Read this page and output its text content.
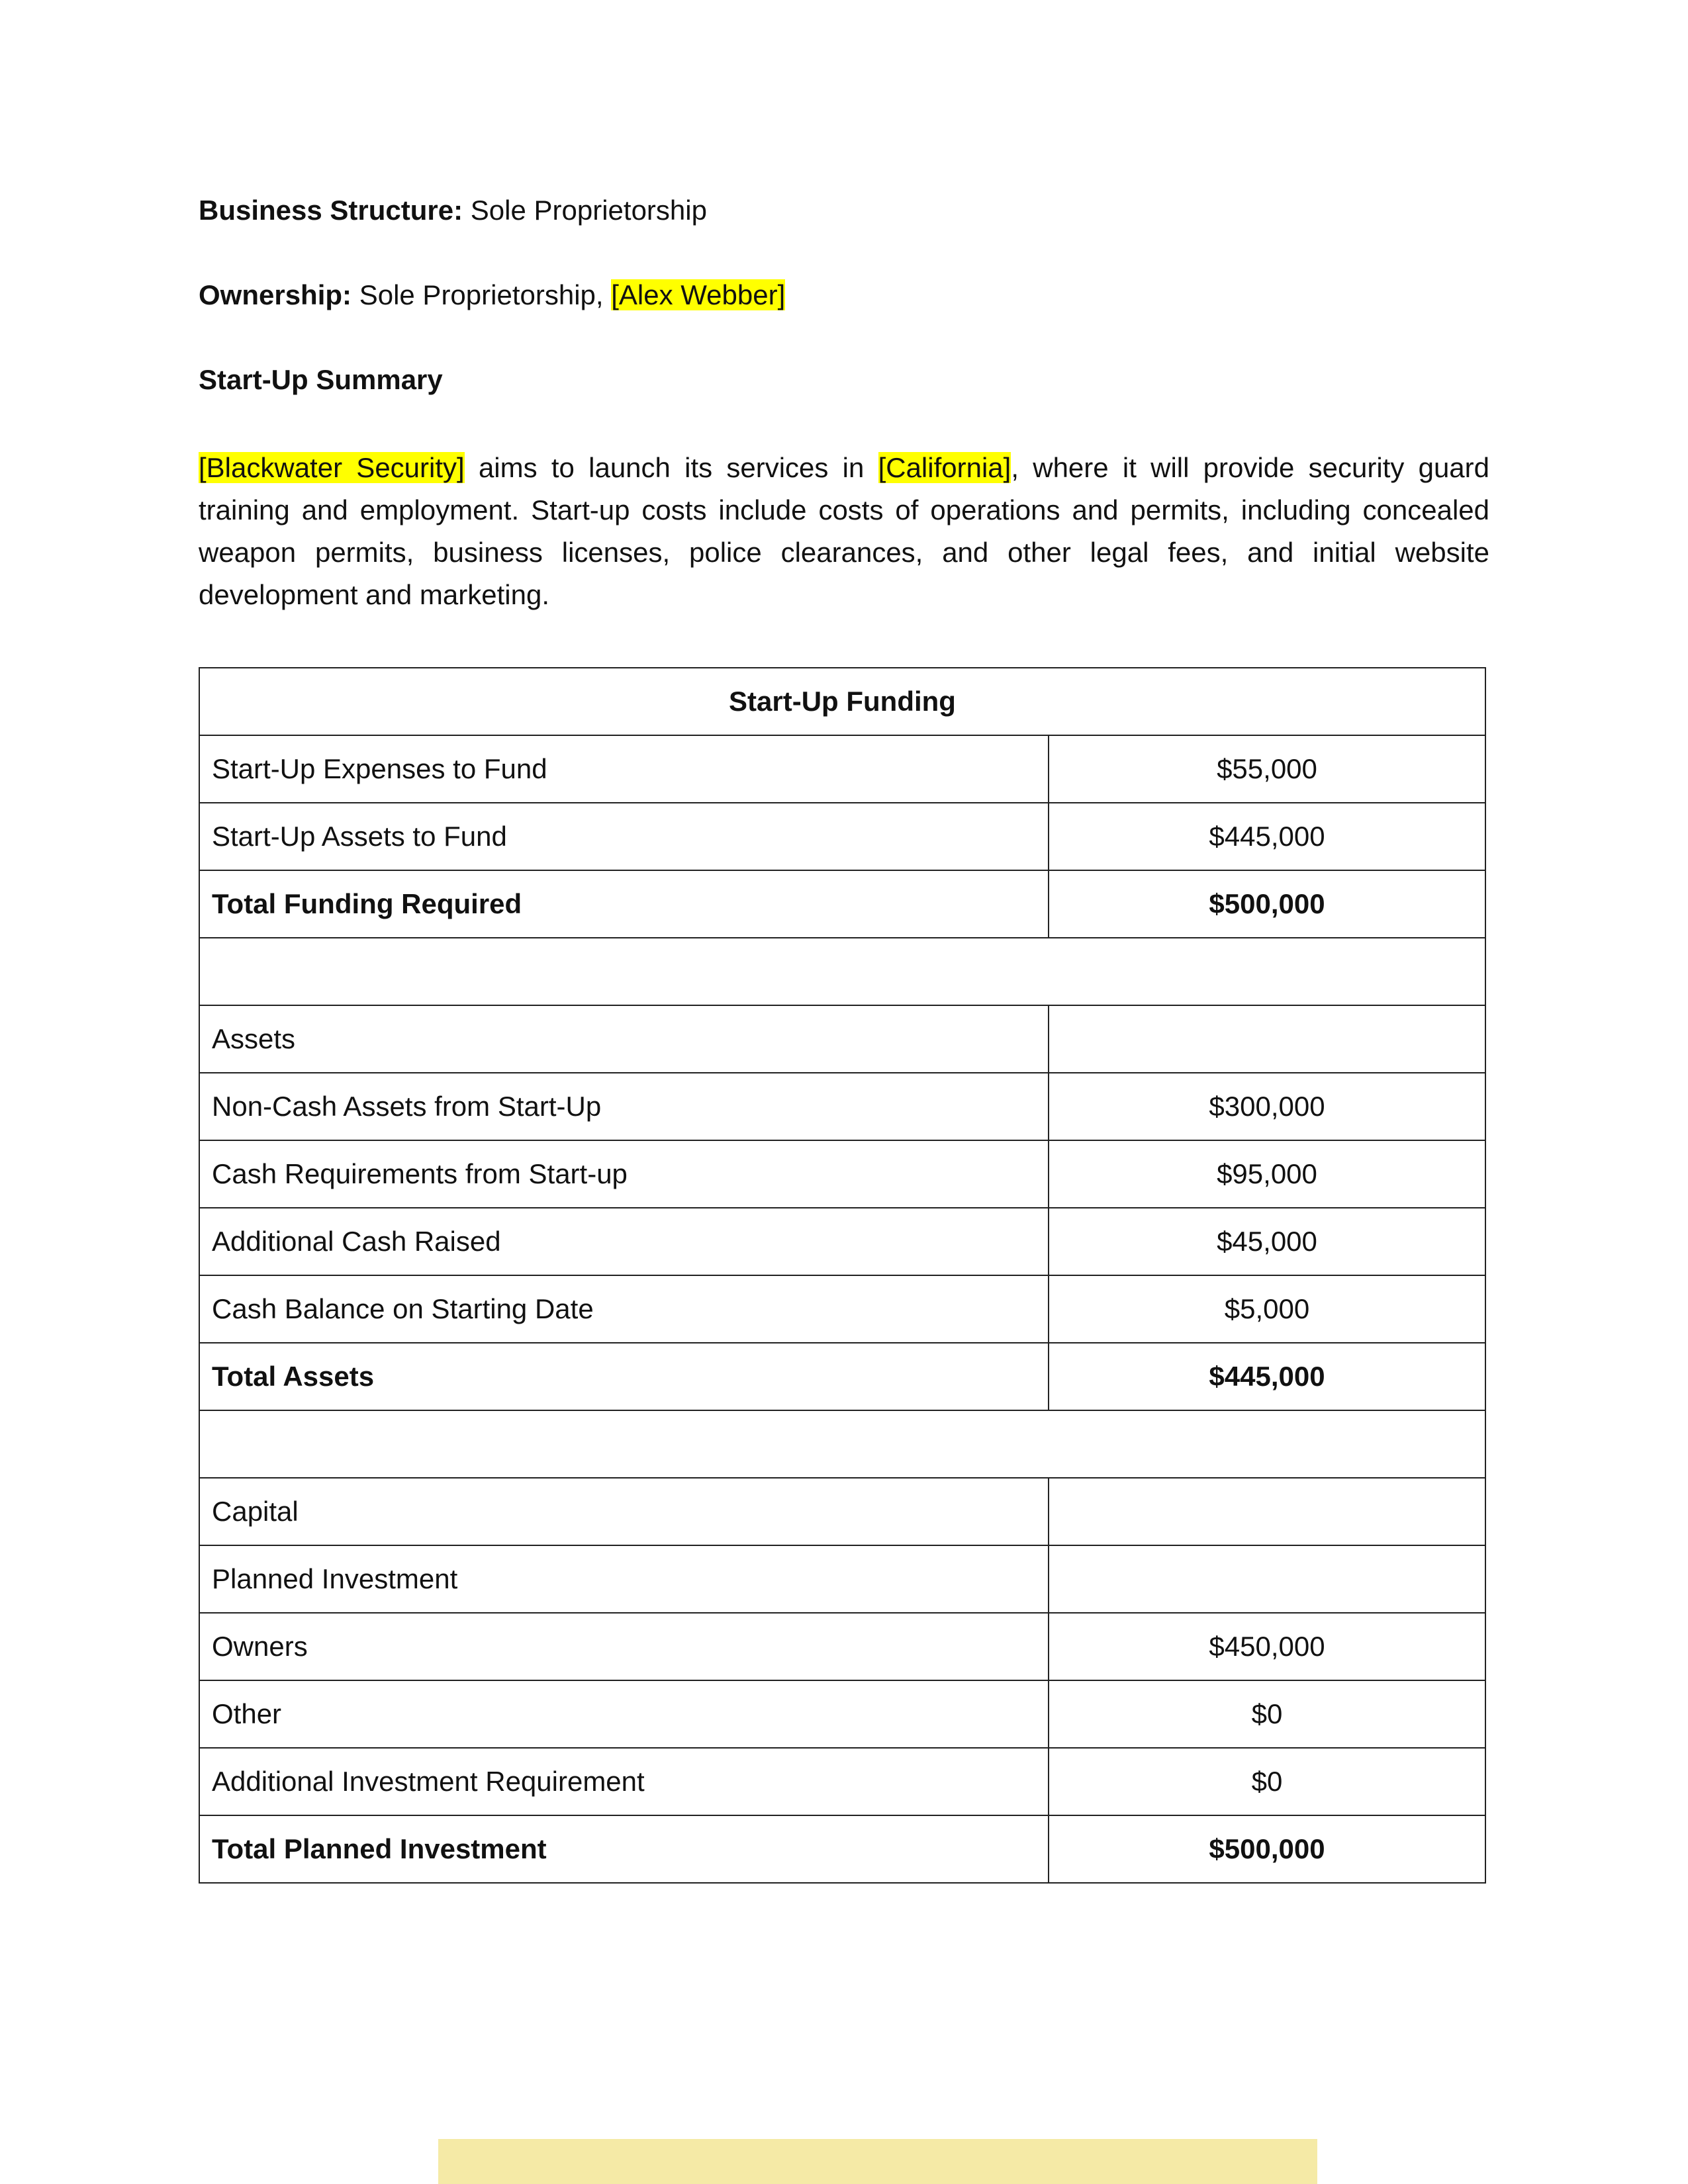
Business Structure: Sole Proprietorship

Ownership: Sole Proprietorship, [Alex Webber]

Start-Up Summary

[Blackwater Security] aims to launch its services in [California], where it will provide security guard training and employment. Start-up costs include costs of operations and permits, including concealed weapon permits, business licenses, police clearances, and other legal fees, and initial website development and marketing.

Start-Up Funding	
Start-Up Expenses to Fund	$55,000
Start-Up Assets to Fund	$445,000
Total Funding Required	$500,000

Assets	
Non-Cash Assets from Start-Up	$300,000
Cash Requirements from Start-up	$95,000
Additional Cash Raised	$45,000
Cash Balance on Starting Date	$5,000
Total Assets	$445,000

Capital	
Planned Investment	
Owners	$450,000
Other	$0
Additional Investment Requirement	$0
Total Planned Investment	$500,000
